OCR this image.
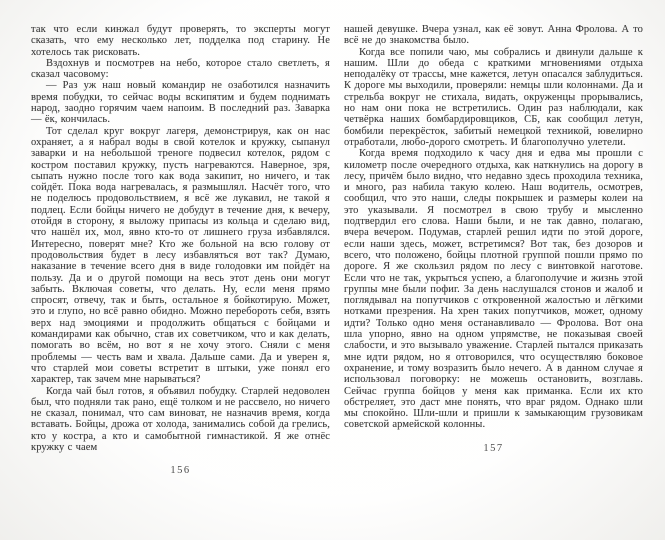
так что если кинжал будут проверять, то эксперты могут сказать, что ему несколько лет, подделка под старину. Не хотелось так рисковать.

Вздохнув и посмотрев на небо, которое стало светлеть, я сказал часовому:

— Раз уж наш новый командир не озаботился назначить время побудки, то сейчас воды вскипятим и будем поднимать народ, заодно горячим чаем напоим. В последний раз. Заварка — ёк, кончилась.

Тот сделал круг вокруг лагеря, демонстрируя, как он нас охраняет, а я набрал воды в свой котелок и кружку, сыпанул заварки и на небольшой треноге подвесил котелок, рядом с костром поставил кружку, пусть нагреваются. Наверное, зря, сыпать нужно после того как вода закипит, но ничего, и так сойдёт. Пока вода нагревалась, я размышлял. Насчёт того, что не поделюсь продовольствием, я всё же лукавил, не такой я подлец. Если бойцы ничего не добудут в течение дня, к вечеру, отойдя в сторону, я выложу припасы из кольца и сделаю вид, что нашёл их, мол, явно кто-то от лишнего груза избавлялся. Интересно, поверят мне? Кто же больной на всю голову от продовольствия будет в лесу избавляться вот так? Думаю, наказание в течение всего дня в виде голодовки им пойдёт на пользу. Да и о другой помощи на весь этот день они могут забыть. Включая советы, что делать. Ну, если меня прямо спросят, отвечу, так и быть, остальное я бойкотирую. Может, это и глупо, но всё равно обидно. Можно перебороть себя, взять верх над эмоциями и продолжить общаться с бойцами и командирами как обычно, став их советчиком, что и как делать, помогать во всём, но вот я не хочу этого. Сняли с меня проблемы — честь вам и хвала. Дальше сами. Да и уверен я, что старлей мои советы встретит в штыки, уже понял его характер, так зачем мне нарываться?

Когда чай был готов, я объявил побудку. Старлей недоволен был, что подняли так рано, ещё толком и не рассвело, но ничего не сказал, понимал, что сам виноват, не назначив время, когда вставать. Бойцы, дрожа от холода, занимались собой да грелись, кто у костра, а кто и самобытной гимнастикой. Я же отнёс кружку с чаем

156

нашей девушке. Вчера узнал, как её зовут. Анна Фролова. А то всё не до знакомства было.

Когда все попили чаю, мы собрались и двинули дальше к нашим. Шли до обеда с краткими мгновениями отдыха неподалёку от трассы, мне кажется, летун опасался заблудиться. К дороге мы выходили, проверяли: немцы шли колоннами. Да и стрельба вокруг не стихала, видать, окруженцы прорывались, но нам они пока не встретились. Один раз наблюдали, как четвёрка наших бомбардировщиков, СБ, как сообщил летун, бомбили перекрёсток, забитый немецкой техникой, ювелирно отработали, любо-дорого смотреть. И благополучно улетели.

Когда время подходило к часу дня и едва мы прошли с километр после очередного отдыха, как наткнулись на дорогу в лесу, причём было видно, что недавно здесь проходила техника, и много, раз набила такую колею. Наш водитель, осмотрев, сообщил, что это наши, следы покрышек и размеры колеи на это указывали. Я посмотрел в свою трубу и мысленно подтвердил его слова. Наши были, и не так давно, полагаю, вчера вечером. Подумав, старлей решил идти по этой дороге, если наши здесь, может, встретимся? Вот так, без дозоров и всего, что положено, бойцы плотной группой пошли прямо по дороге. Я же скользил рядом по лесу с винтовкой наготове. Если что не так, укрыться успею, а благополучие и жизнь этой группы мне были пофиг. За день наслушался стонов и жалоб и поглядывал на попутчиков с откровенной жалостью и лёгкими нотками презрения. На хрен таких попутчиков, может, одному идти? Только одно меня останавливало — Фролова. Вот она шла упорно, явно на одном упрямстве, не показывая своей слабости, и это вызывало уважение. Старлей пытался приказать мне идти рядом, но я отговорился, что осуществляю боковое охранение, и тому возразить было нечего. А в данном случае я использовал поговорку: не можешь остановить, возглавь. Сейчас группа бойцов у меня как приманка. Если их кто обстреляет, это даст мне понять, что враг рядом. Однако шли мы спокойно. Шли-шли и пришли к замыкающим грузовикам советской армейской колонны.

157
